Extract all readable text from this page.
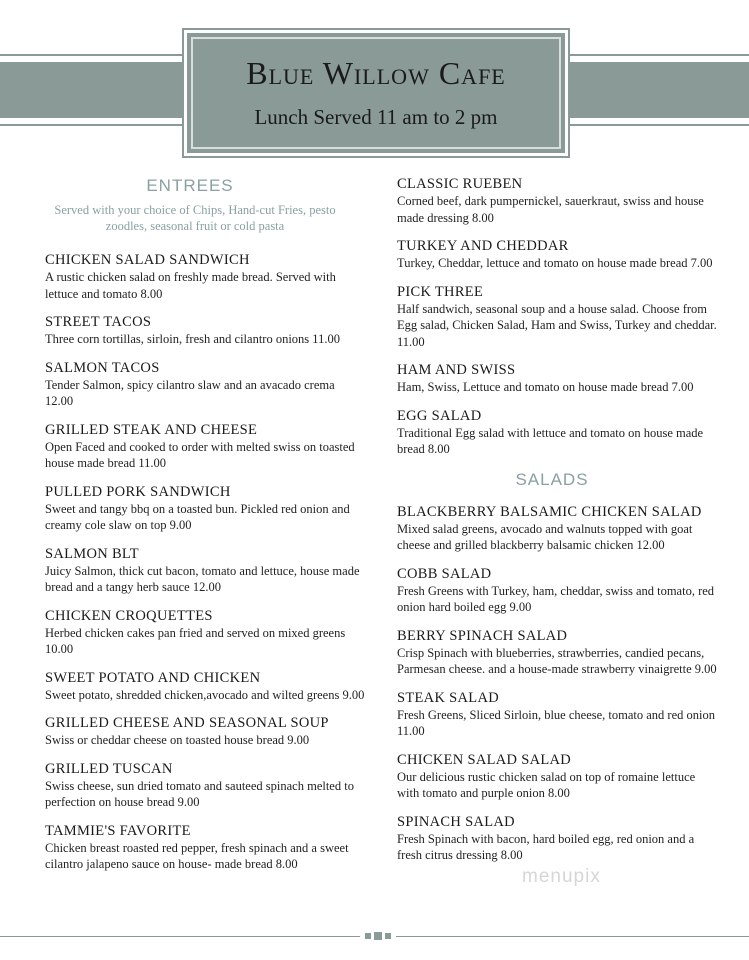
Blue Willow Cafe
Lunch Served 11 am to 2 pm
ENTREES
Served with your choice of Chips, Hand-cut Fries, pesto zoodles, seasonal fruit or cold pasta
CHICKEN SALAD SANDWICH
A rustic chicken salad on freshly made bread. Served with lettuce and tomato 8.00
STREET TACOS
Three corn tortillas, sirloin, fresh and cilantro onions 11.00
SALMON TACOS
Tender Salmon, spicy cilantro slaw and an avacado crema 12.00
GRILLED STEAK AND CHEESE
Open Faced and cooked to order with melted swiss on toasted house made bread 11.00
PULLED PORK SANDWICH
Sweet and tangy bbq on a toasted bun. Pickled red onion and creamy cole slaw on top 9.00
SALMON BLT
Juicy Salmon, thick cut bacon, tomato and lettuce, house made bread and a tangy herb sauce 12.00
CHICKEN CROQUETTES
Herbed chicken cakes pan fried and served on mixed greens 10.00
SWEET POTATO AND CHICKEN
Sweet potato, shredded chicken,avocado and wilted greens 9.00
GRILLED CHEESE AND SEASONAL SOUP
Swiss or cheddar cheese on toasted house bread 9.00
GRILLED TUSCAN
Swiss cheese, sun dried tomato and sauteed spinach melted to perfection on house bread 9.00
TAMMIE'S FAVORITE
Chicken breast roasted red pepper, fresh spinach and a sweet cilantro jalapeno sauce on house- made bread 8.00
CLASSIC RUEBEN
Corned beef, dark pumpernickel, sauerkraut, swiss and house made dressing 8.00
TURKEY AND CHEDDAR
Turkey, Cheddar, lettuce and tomato on house made bread 7.00
PICK THREE
Half sandwich, seasonal soup and a house salad. Choose from Egg salad, Chicken Salad, Ham and Swiss, Turkey and cheddar. 11.00
HAM AND SWISS
Ham, Swiss, Lettuce and tomato on house made bread 7.00
EGG SALAD
Traditional Egg salad with lettuce and tomato on house made bread 8.00
SALADS
BLACKBERRY BALSAMIC CHICKEN SALAD
Mixed salad greens, avocado and walnuts topped with goat cheese and grilled blackberry balsamic chicken 12.00
COBB SALAD
Fresh Greens with Turkey, ham, cheddar, swiss and tomato, red onion hard boiled egg 9.00
BERRY SPINACH SALAD
Crisp Spinach with blueberries, strawberries, candied pecans, Parmesan cheese. and a house-made strawberry vinaigrette 9.00
STEAK SALAD
Fresh Greens, Sliced Sirloin, blue cheese, tomato and red onion 11.00
CHICKEN SALAD SALAD
Our delicious rustic chicken salad on top of romaine lettuce with tomato and purple onion 8.00
SPINACH SALAD
Fresh Spinach with bacon, hard boiled egg, red onion and a fresh citrus dressing 8.00
menupix
